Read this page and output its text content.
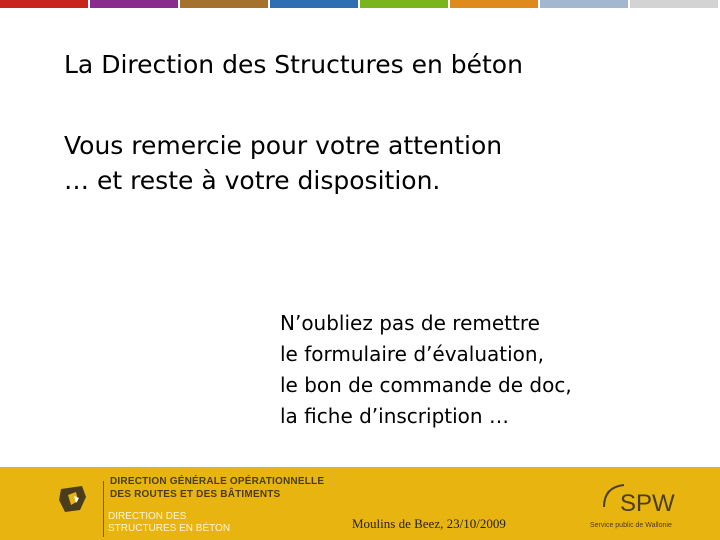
La Direction des Structures en béton
Vous remercie pour votre attention
… et reste à votre disposition.
N’oubliez pas de remettre
le formulaire d’évaluation,
le bon de commande de doc,
la fiche d’inscription …
DIRECTION GÉNÉRALE OPÉRATIONNELLE
DES ROUTES ET DES BÂTIMENTS
DIRECTION DES
STRUCTURES EN BÉTON	Moulins de Beez, 23/10/2009
SPW
Service public de Wallonie
